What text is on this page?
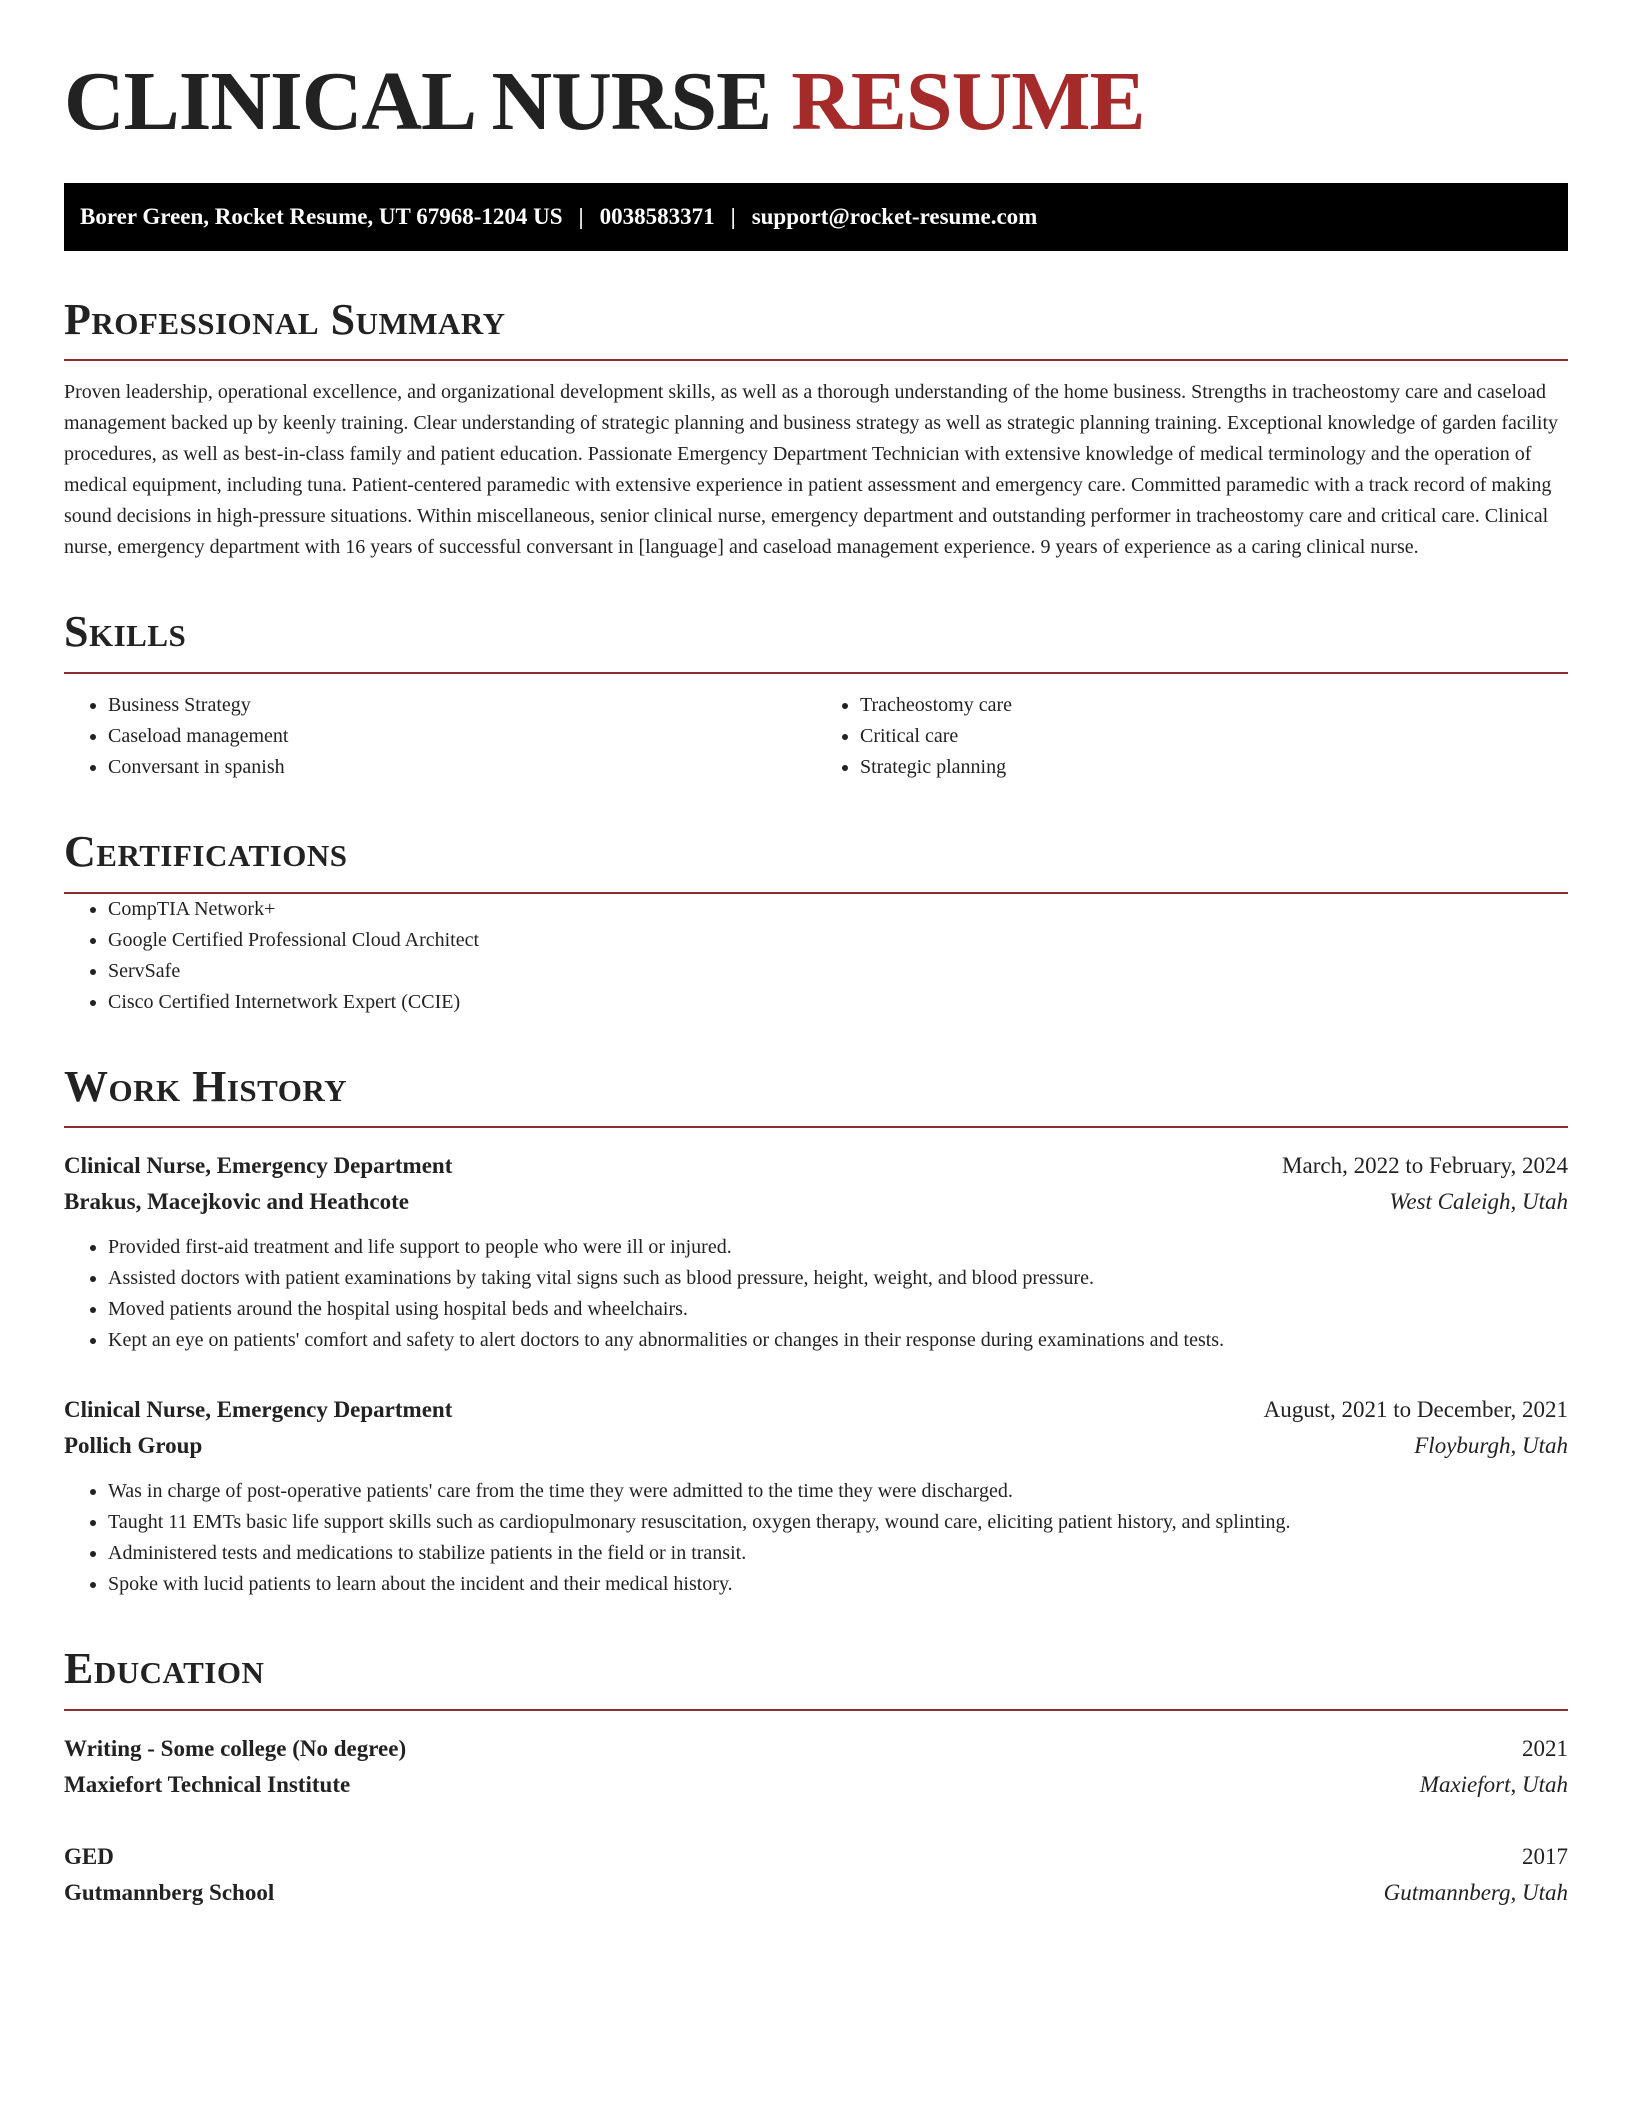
CLINICAL NURSE RESUME
Borer Green, Rocket Resume, UT 67968-1204 US | 0038583371 | support@rocket-resume.com
Professional Summary

Proven leadership, operational excellence, and organizational development skills, as well as a thorough understanding of the home business. Strengths in tracheostomy care and caseload management backed up by keenly training. Clear understanding of strategic planning and business strategy as well as strategic planning training. Exceptional knowledge of garden facility procedures, as well as best-in-class family and patient education. Passionate Emergency Department Technician with extensive knowledge of medical terminology and the operation of medical equipment, including tuna. Patient-centered paramedic with extensive experience in patient assessment and emergency care. Committed paramedic with a track record of making sound decisions in high-pressure situations. Within miscellaneous, senior clinical nurse, emergency department and outstanding performer in tracheostomy care and critical care. Clinical nurse, emergency department with 16 years of successful conversant in [language] and caseload management experience. 9 years of experience as a caring clinical nurse.

Skills
• Business Strategy
• Caseload management
• Conversant in spanish
• Tracheostomy care
• Critical care
• Strategic planning
Certifications
• CompTIA Network+
• Google Certified Professional Cloud Architect
• ServSafe
• Cisco Certified Internetwork Expert (CCIE)
Work History
Clinical Nurse, Emergency Department	March, 2022 to February, 2024
Brakus, Macejkovic and Heathcote	West Caleigh, Utah
• Provided first-aid treatment and life support to people who were ill or injured.
• Assisted doctors with patient examinations by taking vital signs such as blood pressure, height, weight, and blood pressure.
• Moved patients around the hospital using hospital beds and wheelchairs.
• Kept an eye on patients' comfort and safety to alert doctors to any abnormalities or changes in their response during examinations and tests.
Clinical Nurse, Emergency Department	August, 2021 to December, 2021
Pollich Group	Floyburgh, Utah
• Was in charge of post-operative patients' care from the time they were admitted to the time they were discharged.
• Taught 11 EMTs basic life support skills such as cardiopulmonary resuscitation, oxygen therapy, wound care, eliciting patient history, and splinting.
• Administered tests and medications to stabilize patients in the field or in transit.
• Spoke with lucid patients to learn about the incident and their medical history.
Education
Writing - Some college (No degree)	2021
Maxiefort Technical Institute	Maxiefort, Utah
GED	2017
Gutmannberg School	Gutmannberg, Utah
